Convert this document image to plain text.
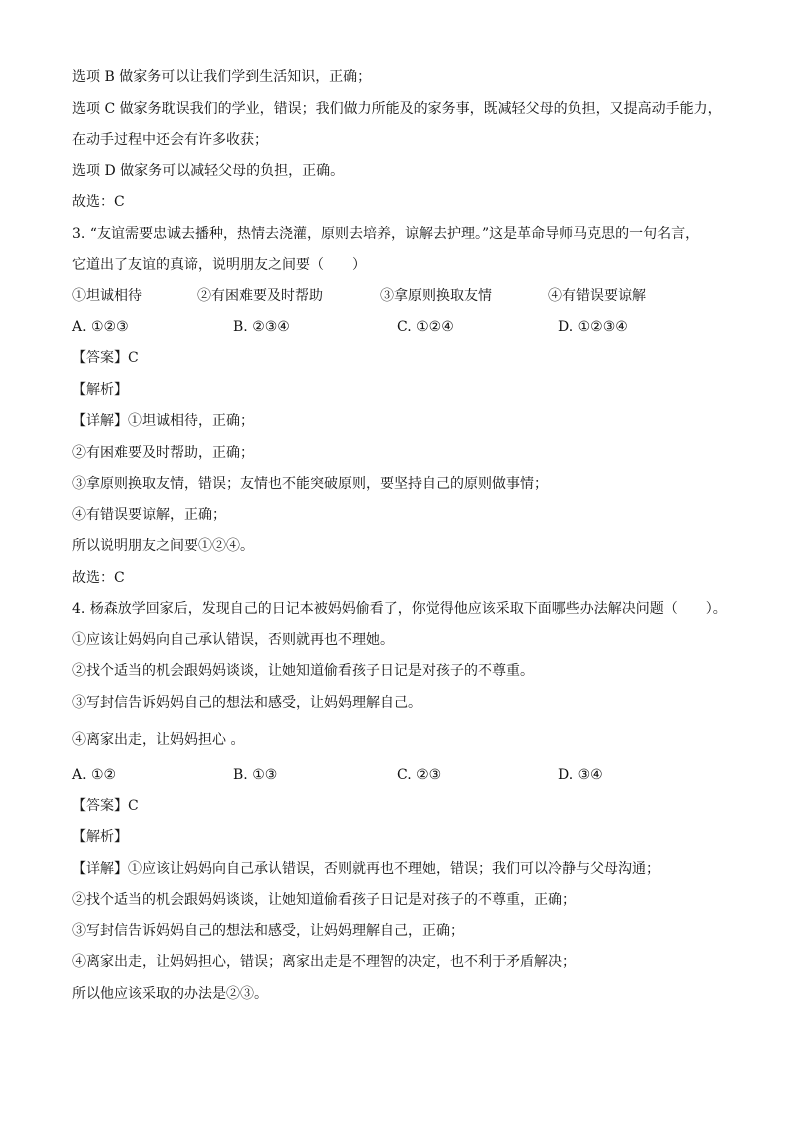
选项 B 做家务可以让我们学到生活知识，正确；
选项 C 做家务耽误我们的学业，错误；我们做力所能及的家务事，既减轻父母的负担，又提高动手能力，
在动手过程中还会有许多收获；
选项 D 做家务可以减轻父母的负担，正确。
故选：C
3. “友谊需要忠诚去播种，热情去浇灌，原则去培养，谅解去护理。”这是革命导师马克思的一句名言，
它道出了友谊的真谛，说明朋友之间要（　　）
①坦诚相待	②有困难要及时帮助	③拿原则换取友情	④有错误要谅解
A. ①②③	B. ②③④	C. ①②④	D. ①②③④
【答案】C
【解析】
【详解】①坦诚相待，正确；
②有困难要及时帮助，正确；
③拿原则换取友情，错误；友情也不能突破原则，要坚持自己的原则做事情；
④有错误要谅解，正确；
所以说明朋友之间要①②④。
故选：C
4. 杨森放学回家后，发现自己的日记本被妈妈偷看了，你觉得他应该采取下面哪些办法解决问题（　　）。
①应该让妈妈向自己承认错误，否则就再也不理她。
②找个适当的机会跟妈妈谈谈，让她知道偷看孩子日记是对孩子的不尊重。
③写封信告诉妈妈自己的想法和感受，让妈妈理解自己。
④离家出走，让妈妈担心 。
A. ①②	B. ①③	C. ②③	D. ③④
【答案】C
【解析】
【详解】①应该让妈妈向自己承认错误，否则就再也不理她，错误；我们可以冷静与父母沟通；
②找个适当的机会跟妈妈谈谈，让她知道偷看孩子日记是对孩子的不尊重，正确；
③写封信告诉妈妈自己的想法和感受，让妈妈理解自己，正确；
④离家出走，让妈妈担心，错误；离家出走是不理智的决定，也不利于矛盾解决；
所以他应该采取的办法是②③。
